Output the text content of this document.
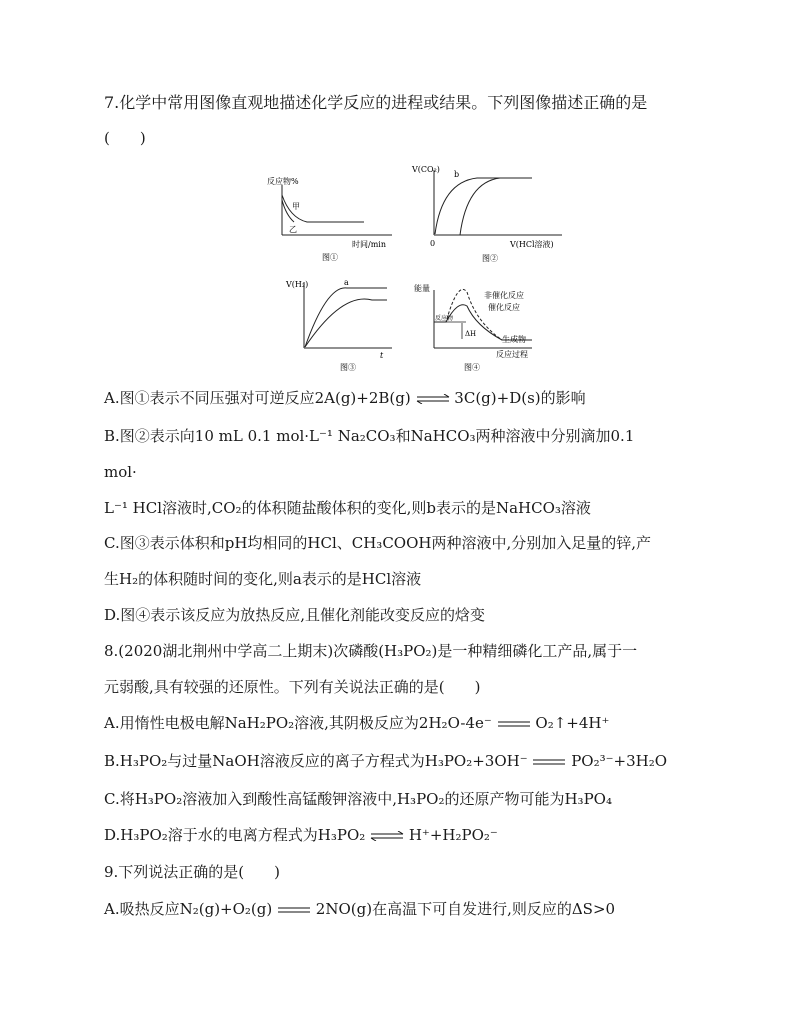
7.化学中常用图像直观地描述化学反应的进程或结果。下列图像描述正确的是
(　　)
反应物%
甲
乙
时间/min
图①
V(CO₂)
b
0	V(HCl溶液)
图②
V(H₂)	a
t
图③
能量
非催化反应
催化反应
反应物
ΔH
生成物
反应过程
图④
A.图①表示不同压强对可逆反应2A(g)+2B(g) ⇌ 3C(g)+D(s)的影响
B.图②表示向10 mL 0.1 mol·L⁻¹ Na₂CO₃和NaHCO₃两种溶液中分别滴加0.1
mol·
L⁻¹ HCl溶液时,CO₂的体积随盐酸体积的变化,则b表示的是NaHCO₃溶液
C.图③表示体积和pH均相同的HCl、CH₃COOH两种溶液中,分别加入足量的锌,产
生H₂的体积随时间的变化,则a表示的是HCl溶液
D.图④表示该反应为放热反应,且催化剂能改变反应的焓变
8.(2020湖北荆州中学高二上期末)次磷酸(H₃PO₂)是一种精细磷化工产品,属于一
元弱酸,具有较强的还原性。下列有关说法正确的是(　　)
A.用惰性电极电解NaH₂PO₂溶液,其阴极反应为2H₂O-4e⁻	O₂↑+4H⁺
B.H₃PO₂与过量NaOH溶液反应的离子方程式为H₃PO₂+3OH⁻	PO₂³⁻+3H₂O
C.将H₃PO₂溶液加入到酸性高锰酸钾溶液中,H₃PO₂的还原产物可能为H₃PO₄
D.H₃PO₂溶于水的电离方程式为H₃PO₂ ⇌ H⁺+H₂PO₂⁻
9.下列说法正确的是(　　)
A.吸热反应N₂(g)+O₂(g)	2NO(g)在高温下可自发进行,则反应的ΔS>0
